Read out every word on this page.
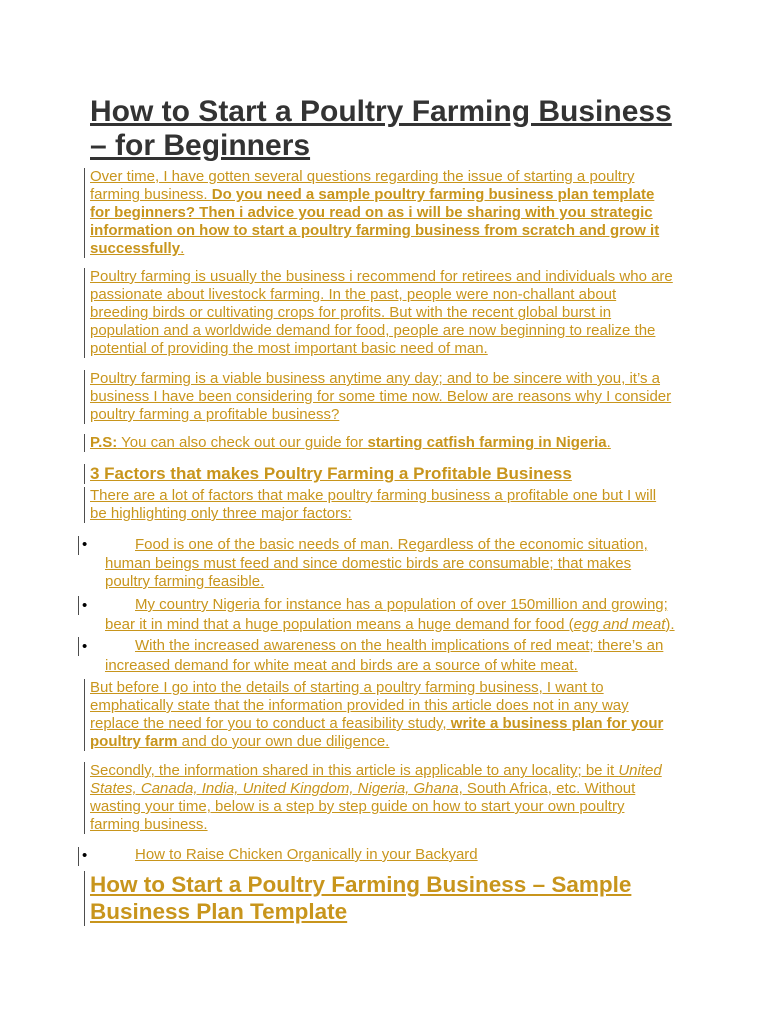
How to Start a Poultry Farming Business
– for Beginners
Over time, I have gotten several questions regarding the issue of starting a poultry
farming business. Do you need a sample poultry farming business plan template
for beginners? Then i advice you read on as i will be sharing with you strategic
information on how to start a poultry farming business from scratch and grow it
successfully.
Poultry farming is usually the business i recommend for retirees and individuals who are
passionate about livestock farming. In the past, people were non-challant about
breeding birds or cultivating crops for profits. But with the recent global burst in
population and a worldwide demand for food, people are now beginning to realize the
potential of providing the most important basic need of man.
Poultry farming is a viable business anytime any day; and to be sincere with you, it’s a
business I have been considering for some time now. Below are reasons why I consider
poultry farming a profitable business?
P.S: You can also check out our guide for starting catfish farming in Nigeria.
3 Factors that makes Poultry Farming a Profitable Business
There are a lot of factors that make poultry farming business a profitable one but I will
be highlighting only three major factors:
•	Food is one of the basic needs of man. Regardless of the economic situation,
human beings must feed and since domestic birds are consumable; that makes
poultry farming feasible.
•	My country Nigeria for instance has a population of over 150million and growing;
bear it in mind that a huge population means a huge demand for food (egg and meat).
•	With the increased awareness on the health implications of red meat; there’s an
increased demand for white meat and birds are a source of white meat.
But before I go into the details of starting a poultry farming business, I want to
emphatically state that the information provided in this article does not in any way
replace the need for you to conduct a feasibility study, write a business plan for your
poultry farm and do your own due diligence.
Secondly, the information shared in this article is applicable to any locality; be it United
States, Canada, India, United Kingdom, Nigeria, Ghana, South Africa, etc. Without
wasting your time, below is a step by step guide on how to start your own poultry
farming business.
•	How to Raise Chicken Organically in your Backyard
How to Start a Poultry Farming Business – Sample
Business Plan Template
